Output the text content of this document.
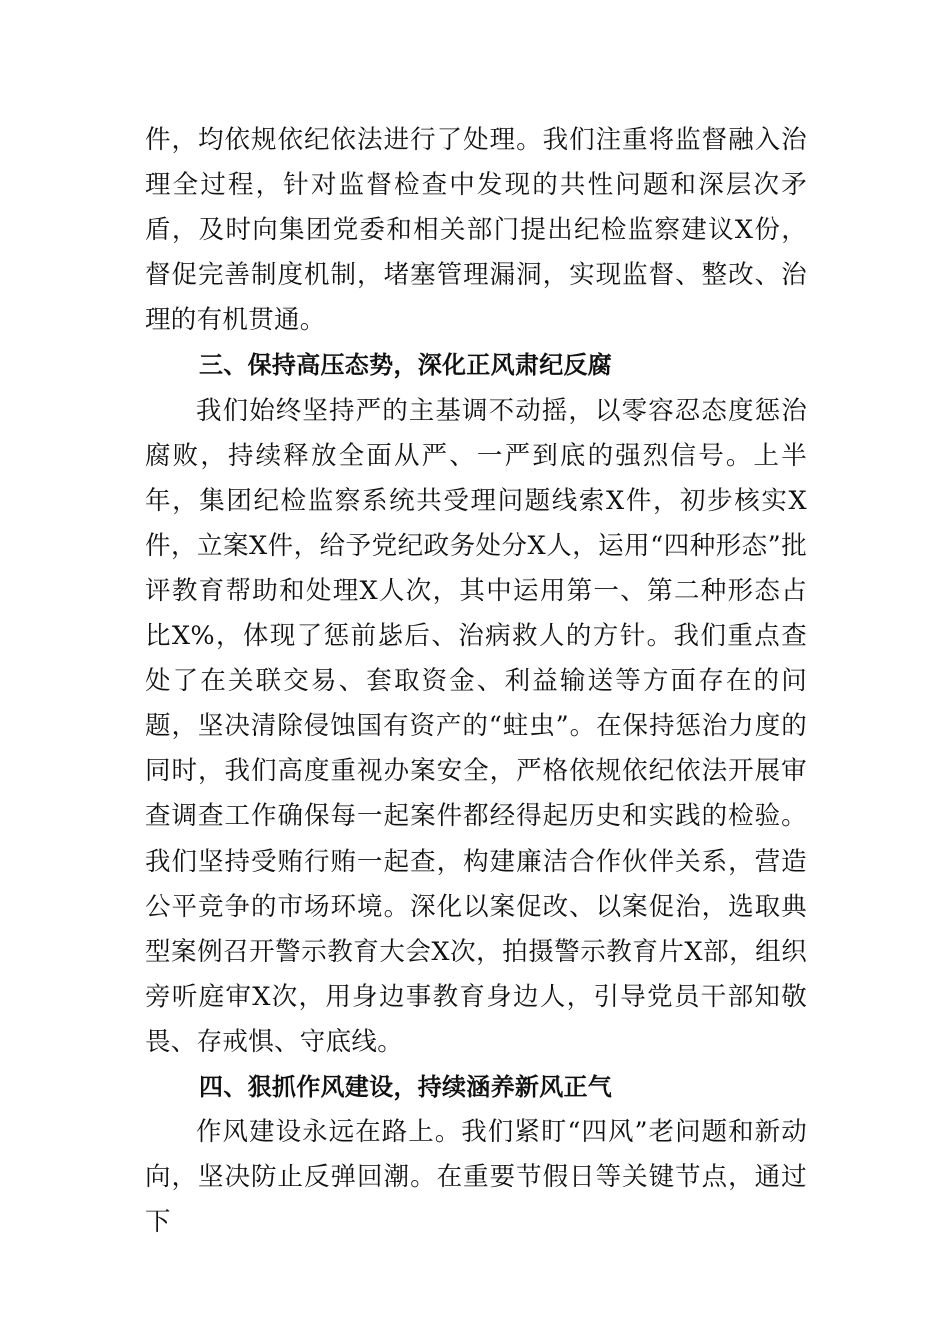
件，均依规依纪依法进行了处理。我们注重将监督融入治理全过程，针对监督检查中发现的共性问题和深层次矛盾，及时向集团党委和相关部门提出纪检监察建议X份，督促完善制度机制，堵塞管理漏洞，实现监督、整改、治理的有机贯通。

三、保持高压态势，深化正风肃纪反腐

我们始终坚持严的主基调不动摇，以零容忍态度惩治腐败，持续释放全面从严、一严到底的强烈信号。上半年，集团纪检监察系统共受理问题线索X件，初步核实X件，立案X件，给予党纪政务处分X人，运用“四种形态”批评教育帮助和处理X人次，其中运用第一、第二种形态占比X%，体现了惩前毖后、治病救人的方针。我们重点查处了在关联交易、套取资金、利益输送等方面存在的问题，坚决清除侵蚀国有资产的“蛀虫”。在保持惩治力度的同时，我们高度重视办案安全，严格依规依纪依法开展审查调查工作确保每一起案件都经得起历史和实践的检验。我们坚持受贿行贿一起查，构建廉洁合作伙伴关系，营造公平竞争的市场环境。深化以案促改、以案促治，选取典型案例召开警示教育大会X次，拍摄警示教育片X部，组织旁听庭审X次，用身边事教育身边人，引导党员干部知敬畏、存戒惧、守底线。

四、狠抓作风建设，持续涵养新风正气

作风建设永远在路上。我们紧盯“四风”老问题和新动向，坚决防止反弹回潮。在重要节假日等关键节点，通过下
